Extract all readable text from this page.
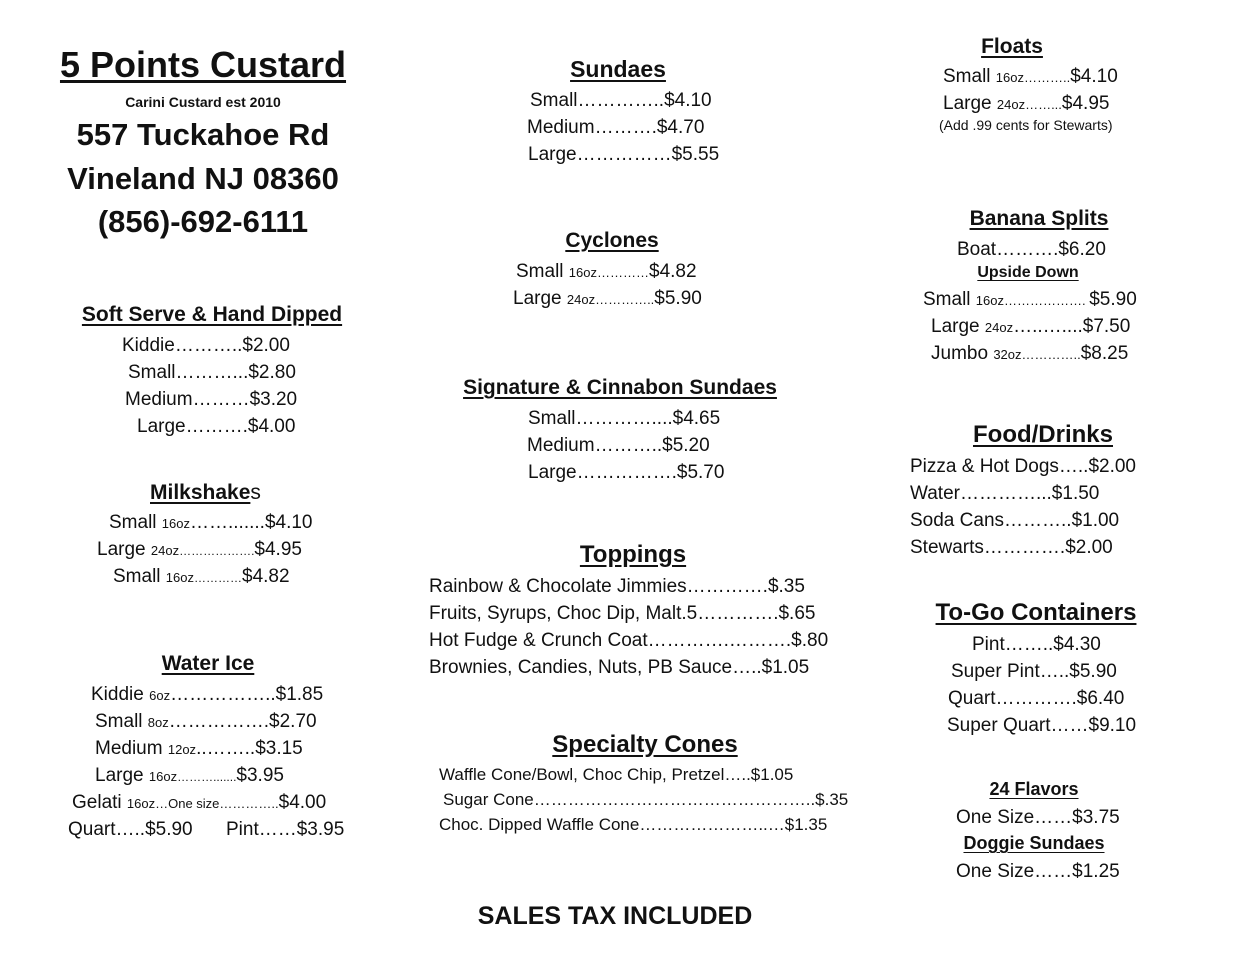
5 Points Custard
Carini Custard est 2010
557 Tuckahoe Rd
Vineland NJ 08360
(856)-692-6111
Soft Serve & Hand Dipped
Kiddie………..$2.00
Small………...$2.80
Medium………$3.20
Large……….$4.00
Milkshakes
Small 16oz…….......$4.10
Large 24oz……………….$4.95
Small 16oz…………$4.82
Water Ice
Kiddie 6oz……………..$1.85
Small 8oz…………….$2.70
Medium 12oz..……..$3.15
Large 16oz……….......$3.95
Gelati 16oz…One size…………..$4.00
Quart…..$5.90 Pint……$3.95
Sundaes
Small…………..$4.10
Medium……….$4.70
Large……………$5.55
Cyclones
Small 16oz…………$4.82
Large 24oz…………..$5.90
Signature & Cinnabon Sundaes
Small…………....$4.65
Medium………..$5.20
Large…………….$5.70
Toppings
Rainbow & Chocolate Jimmies………….$.35
Fruits, Syrups, Choc Dip, Malt.5………….$.65
Hot Fudge & Crunch Coat………….……….$.80
Brownies, Candies, Nuts, PB Sauce…..$1.05
Specialty Cones
Waffle Cone/Bowl, Choc Chip, Pretzel…..$1.05
Sugar Cone…………………………………………..$.35
Choc. Dipped Waffle Cone…………………..…$1.35
Floats
Small 16oz………..$4.10
Large 24oz……...$4.95
(Add .99 cents for Stewarts)
Banana Splits
Boat……….$6.20
Upside Down
Small 16oz………………. $5.90
Large 24oz…..…....$7.50
Jumbo 32oz…………..$8.25
Food/Drinks
Pizza & Hot Dogs…..$2.00
Water…………...$1.50
Soda Cans………..$1.00
Stewarts………….$2.00
To-Go Containers
Pint……..$4.30
Super Pint…..$5.90
Quart………….$6.40
Super Quart……$9.10
24 Flavors
One Size……$3.75
Doggie Sundaes
One Size……$1.25
SALES TAX INCLUDED
